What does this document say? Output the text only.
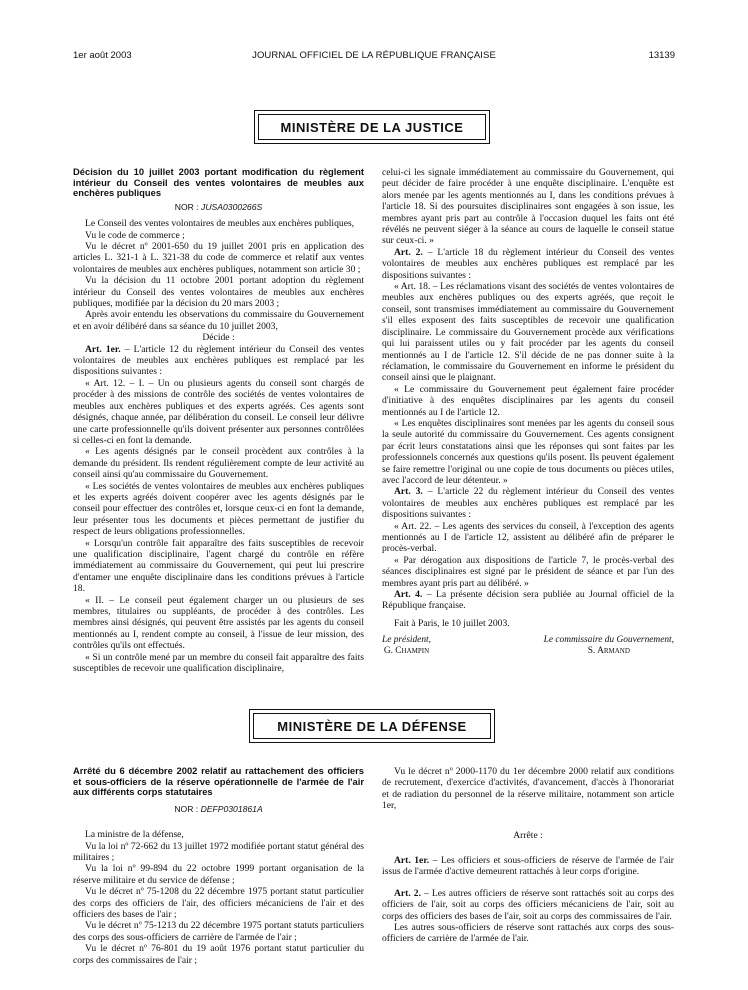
1er août 2003	JOURNAL OFFICIEL DE LA RÉPUBLIQUE FRANÇAISE	13139
MINISTÈRE DE LA JUSTICE

Décision du 10 juillet 2003 portant modification du règlement intérieur du Conseil des ventes volontaires de meubles aux enchères publiques

NOR : JUSA0300266S

Le Conseil des ventes volontaires de meubles aux enchères publiques,

Vu le code de commerce ;

Vu le décret nº 2001-650 du 19 juillet 2001 pris en application des articles L. 321-1 à L. 321-38 du code de commerce et relatif aux ventes volontaires de meubles aux enchères publiques, notamment son article 30 ;

Vu la décision du 11 octobre 2001 portant adoption du règlement intérieur du Conseil des ventes volontaires de meubles aux enchères publiques, modifiée par la décision du 20 mars 2003 ;

Après avoir entendu les observations du commissaire du Gouvernement et en avoir délibéré dans sa séance du 10 juillet 2003,

Décide :

Art. 1er. – L'article 12 du règlement intérieur du Conseil des ventes volontaires de meubles aux enchères publiques est remplacé par les dispositions suivantes :

« Art. 12. – I. – Un ou plusieurs agents du conseil sont chargés de procéder à des missions de contrôle des sociétés de ventes volontaires de meubles aux enchères publiques et des experts agréés. Ces agents sont désignés, chaque année, par délibération du conseil. Le conseil leur délivre une carte professionnelle qu'ils doivent présenter aux personnes contrôlées si celles-ci en font la demande.

« Les agents désignés par le conseil procèdent aux contrôles à la demande du président. Ils rendent régulièrement compte de leur activité au conseil ainsi qu'au commissaire du Gouvernement.

« Les sociétés de ventes volontaires de meubles aux enchères publiques et les experts agréés doivent coopérer avec les agents désignés par le conseil pour effectuer des contrôles et, lorsque ceux-ci en font la demande, leur présenter tous les documents et pièces permettant de justifier du respect de leurs obligations professionnelles.

« Lorsqu'un contrôle fait apparaître des faits susceptibles de recevoir une qualification disciplinaire, l'agent chargé du contrôle en réfère immédiatement au commissaire du Gouvernement, qui peut lui prescrire d'entamer une enquête disciplinaire dans les conditions prévues à l'article 18.

« II. – Le conseil peut également charger un ou plusieurs de ses membres, titulaires ou suppléants, de procéder à des contrôles. Les membres ainsi désignés, qui peuvent être assistés par les agents du conseil mentionnés au I, rendent compte au conseil, à l'issue de leur mission, des contrôles qu'ils ont effectués.

« Si un contrôle mené par un membre du conseil fait apparaître des faits susceptibles de recevoir une qualification disciplinaire,

celui-ci les signale immédiatement au commissaire du Gouvernement, qui peut décider de faire procéder à une enquête disciplinaire. L'enquête est alors menée par les agents mentionnés au I, dans les conditions prévues à l'article 18. Si des poursuites disciplinaires sont engagées à son issue, les membres ayant pris part au contrôle à l'occasion duquel les faits ont été révélés ne peuvent siéger à la séance au cours de laquelle le conseil statue sur ceux-ci. »

Art. 2. – L'article 18 du règlement intérieur du Conseil des ventes volontaires de meubles aux enchères publiques est remplacé par les dispositions suivantes :

« Art. 18. – Les réclamations visant des sociétés de ventes volontaires de meubles aux enchères publiques ou des experts agréés, que reçoit le conseil, sont transmises immédiatement au commissaire du Gouvernement s'il elles exposent des faits susceptibles de recevoir une qualification disciplinaire. Le commissaire du Gouvernement procède aux vérifications qui lui paraissent utiles ou y fait procéder par les agents du conseil mentionnés au I de l'article 12. S'il décide de ne pas donner suite à la réclamation, le commissaire du Gouvernement en informe le président du conseil ainsi que le plaignant.

« Le commissaire du Gouvernement peut également faire procéder d'initiative à des enquêtes disciplinaires par les agents du conseil mentionnés au I de l'article 12.

« Les enquêtes disciplinaires sont menées par les agents du conseil sous la seule autorité du commissaire du Gouvernement. Ces agents consignent par écrit leurs constatations ainsi que les réponses qui sont faites par les professionnels concernés aux questions qu'ils posent. Ils peuvent également se faire remettre l'original ou une copie de tous documents ou pièces utiles, avec l'accord de leur détenteur. »

Art. 3. – L'article 22 du règlement intérieur du Conseil des ventes volontaires de meubles aux enchères publiques est remplacé par les dispositions suivantes :

« Art. 22. – Les agents des services du conseil, à l'exception des agents mentionnés au I de l'article 12, assistent au délibéré afin de préparer le procès-verbal.

« Par dérogation aux dispositions de l'article 7, le procès-verbal des séances disciplinaires est signé par le président de séance et par l'un des membres ayant pris part au délibéré. »

Art. 4. – La présente décision sera publiée au Journal officiel de la République française.

Fait à Paris, le 10 juillet 2003.

Le président,
G. Champin
Le commissaire du Gouvernement,
S. Armand
MINISTÈRE DE LA DÉFENSE

Arrêté du 6 décembre 2002 relatif au rattachement des officiers et sous-officiers de la réserve opérationnelle de l'armée de l'air aux différents corps statutaires

NOR : DEFP0301861A

La ministre de la défense,

Vu la loi nº 72-662 du 13 juillet 1972 modifiée portant statut général des militaires ;

Vu la loi nº 99-894 du 22 octobre 1999 portant organisation de la réserve militaire et du service de défense ;

Vu le décret nº 75-1208 du 22 décembre 1975 portant statut particulier des corps des officiers de l'air, des officiers mécaniciens de l'air et des officiers des bases de l'air ;

Vu le décret nº 75-1213 du 22 décembre 1975 portant statuts particuliers des corps des sous-officiers de carrière de l'armée de l'air ;

Vu le décret nº 76-801 du 19 août 1976 portant statut particulier du corps des commissaires de l'air ;

Vu le décret nº 2000-1170 du 1er décembre 2000 relatif aux conditions de recrutement, d'exercice d'activités, d'avancement, d'accès à l'honorariat et de radiation du personnel de la réserve militaire, notamment son article 1er,

Arrête :

Art. 1er. – Les officiers et sous-officiers de réserve de l'armée de l'air issus de l'armée d'active demeurent rattachés à leur corps d'origine.

Art. 2. – Les autres officiers de réserve sont rattachés soit au corps des officiers de l'air, soit au corps des officiers mécaniciens de l'air, soit au corps des officiers des bases de l'air, soit au corps des commissaires de l'air.

Les autres sous-officiers de réserve sont rattachés aux corps des sous-officiers de carrière de l'armée de l'air.
